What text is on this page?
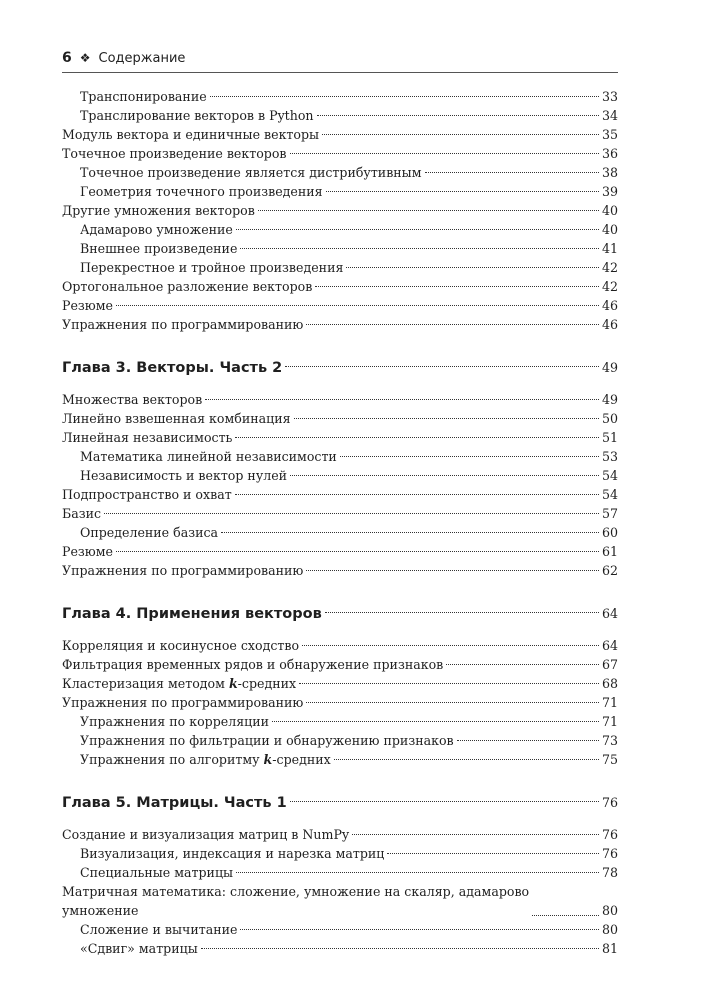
6 ❖ Содержание
Транспонирование	33
Транслирование векторов в Python	34
Модуль вектора и единичные векторы	35
Точечное произведение векторов	36
Точечное произведение является дистрибутивным	38
Геометрия точечного произведения	39
Другие умножения векторов	40
Адамарово умножение	40
Внешнее произведение	41
Перекрестное и тройное произведения	42
Ортогональное разложение векторов	42
Резюме	46
Упражнения по программированию	46
Глава 3. Векторы. Часть 2	49
Множества векторов	49
Линейно взвешенная комбинация	50
Линейная независимость	51
Математика линейной независимости	53
Независимость и вектор нулей	54
Подпространство и охват	54
Базис	57
Определение базиса	60
Резюме	61
Упражнения по программированию	62
Глава 4. Применения векторов	64
Корреляция и косинусное сходство	64
Фильтрация временных рядов и обнаружение признаков	67
Кластеризация методом k-средних	68
Упражнения по программированию	71
Упражнения по корреляции	71
Упражнения по фильтрации и обнаружению признаков	73
Упражнения по алгоритму k-средних	75
Глава 5. Матрицы. Часть 1	76
Создание и визуализация матриц в NumPy	76
Визуализация, индексация и нарезка матриц	76
Специальные матрицы	78
Матричная математика: сложение, умножение на скаляр, адамарово
умножение	80
Сложение и вычитание	80
«Сдвиг» матрицы	81
